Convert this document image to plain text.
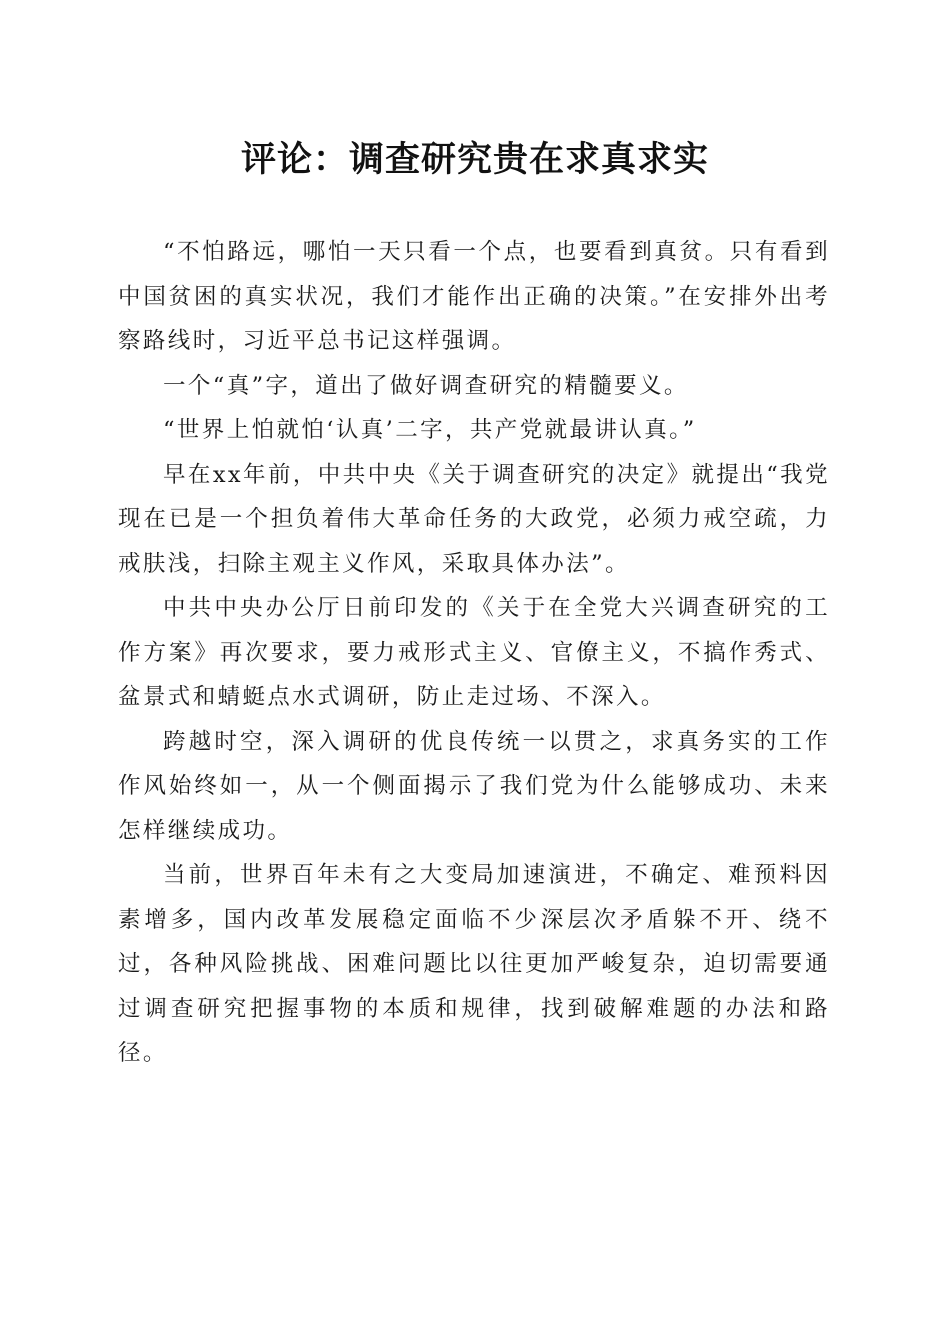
评论：调查研究贵在求真求实

“不怕路远，哪怕一天只看一个点，也要看到真贫。只有看到中国贫困的真实状况，我们才能作出正确的决策。”在安排外出考察路线时，习近平总书记这样强调。

一个“真”字，道出了做好调查研究的精髓要义。

“世界上怕就怕‘认真’二字，共产党就最讲认真。”

早在xx年前，中共中央《关于调查研究的决定》就提出“我党现在已是一个担负着伟大革命任务的大政党，必须力戒空疏，力戒肤浅，扫除主观主义作风，采取具体办法”。

中共中央办公厅日前印发的《关于在全党大兴调查研究的工作方案》再次要求，要力戒形式主义、官僚主义，不搞作秀式、盆景式和蜻蜓点水式调研，防止走过场、不深入。

跨越时空，深入调研的优良传统一以贯之，求真务实的工作作风始终如一，从一个侧面揭示了我们党为什么能够成功、未来怎样继续成功。

当前，世界百年未有之大变局加速演进，不确定、难预料因素增多，国内改革发展稳定面临不少深层次矛盾躲不开、绕不过，各种风险挑战、困难问题比以往更加严峻复杂，迫切需要通过调查研究把握事物的本质和规律，找到破解难题的办法和路径。
